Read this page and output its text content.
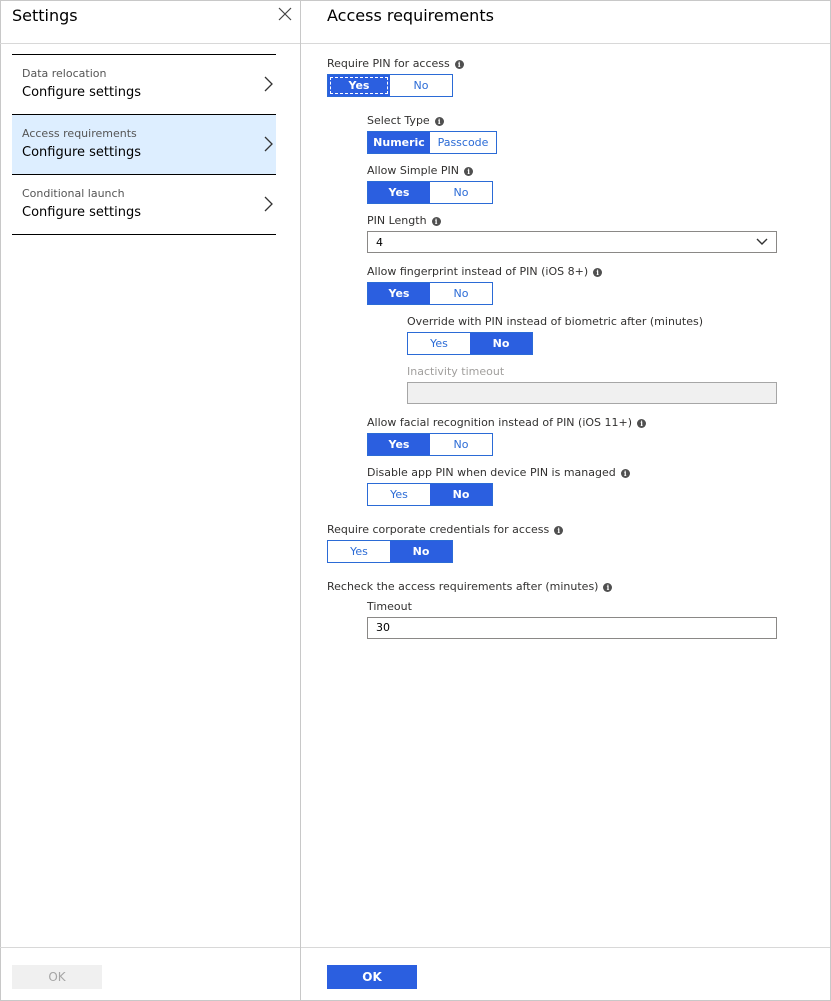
Settings
Data relocation
Configure settings
Access requirements
Configure settings
Conditional launch
Configure settings
OK
Access requirements
Require PIN for access i
Yes	No
Select Type i
Numeric	Passcode
Allow Simple PIN i
Yes	No
PIN Length i
4
Allow fingerprint instead of PIN (iOS 8+) i
Yes	No
Override with PIN instead of biometric after (minutes)
Yes	No
Inactivity timeout
Allow facial recognition instead of PIN (iOS 11+) i
Yes	No
Disable app PIN when device PIN is managed i
Yes	No
Require corporate credentials for access i
Yes	No
Recheck the access requirements after (minutes) i
Timeout
30
OK
